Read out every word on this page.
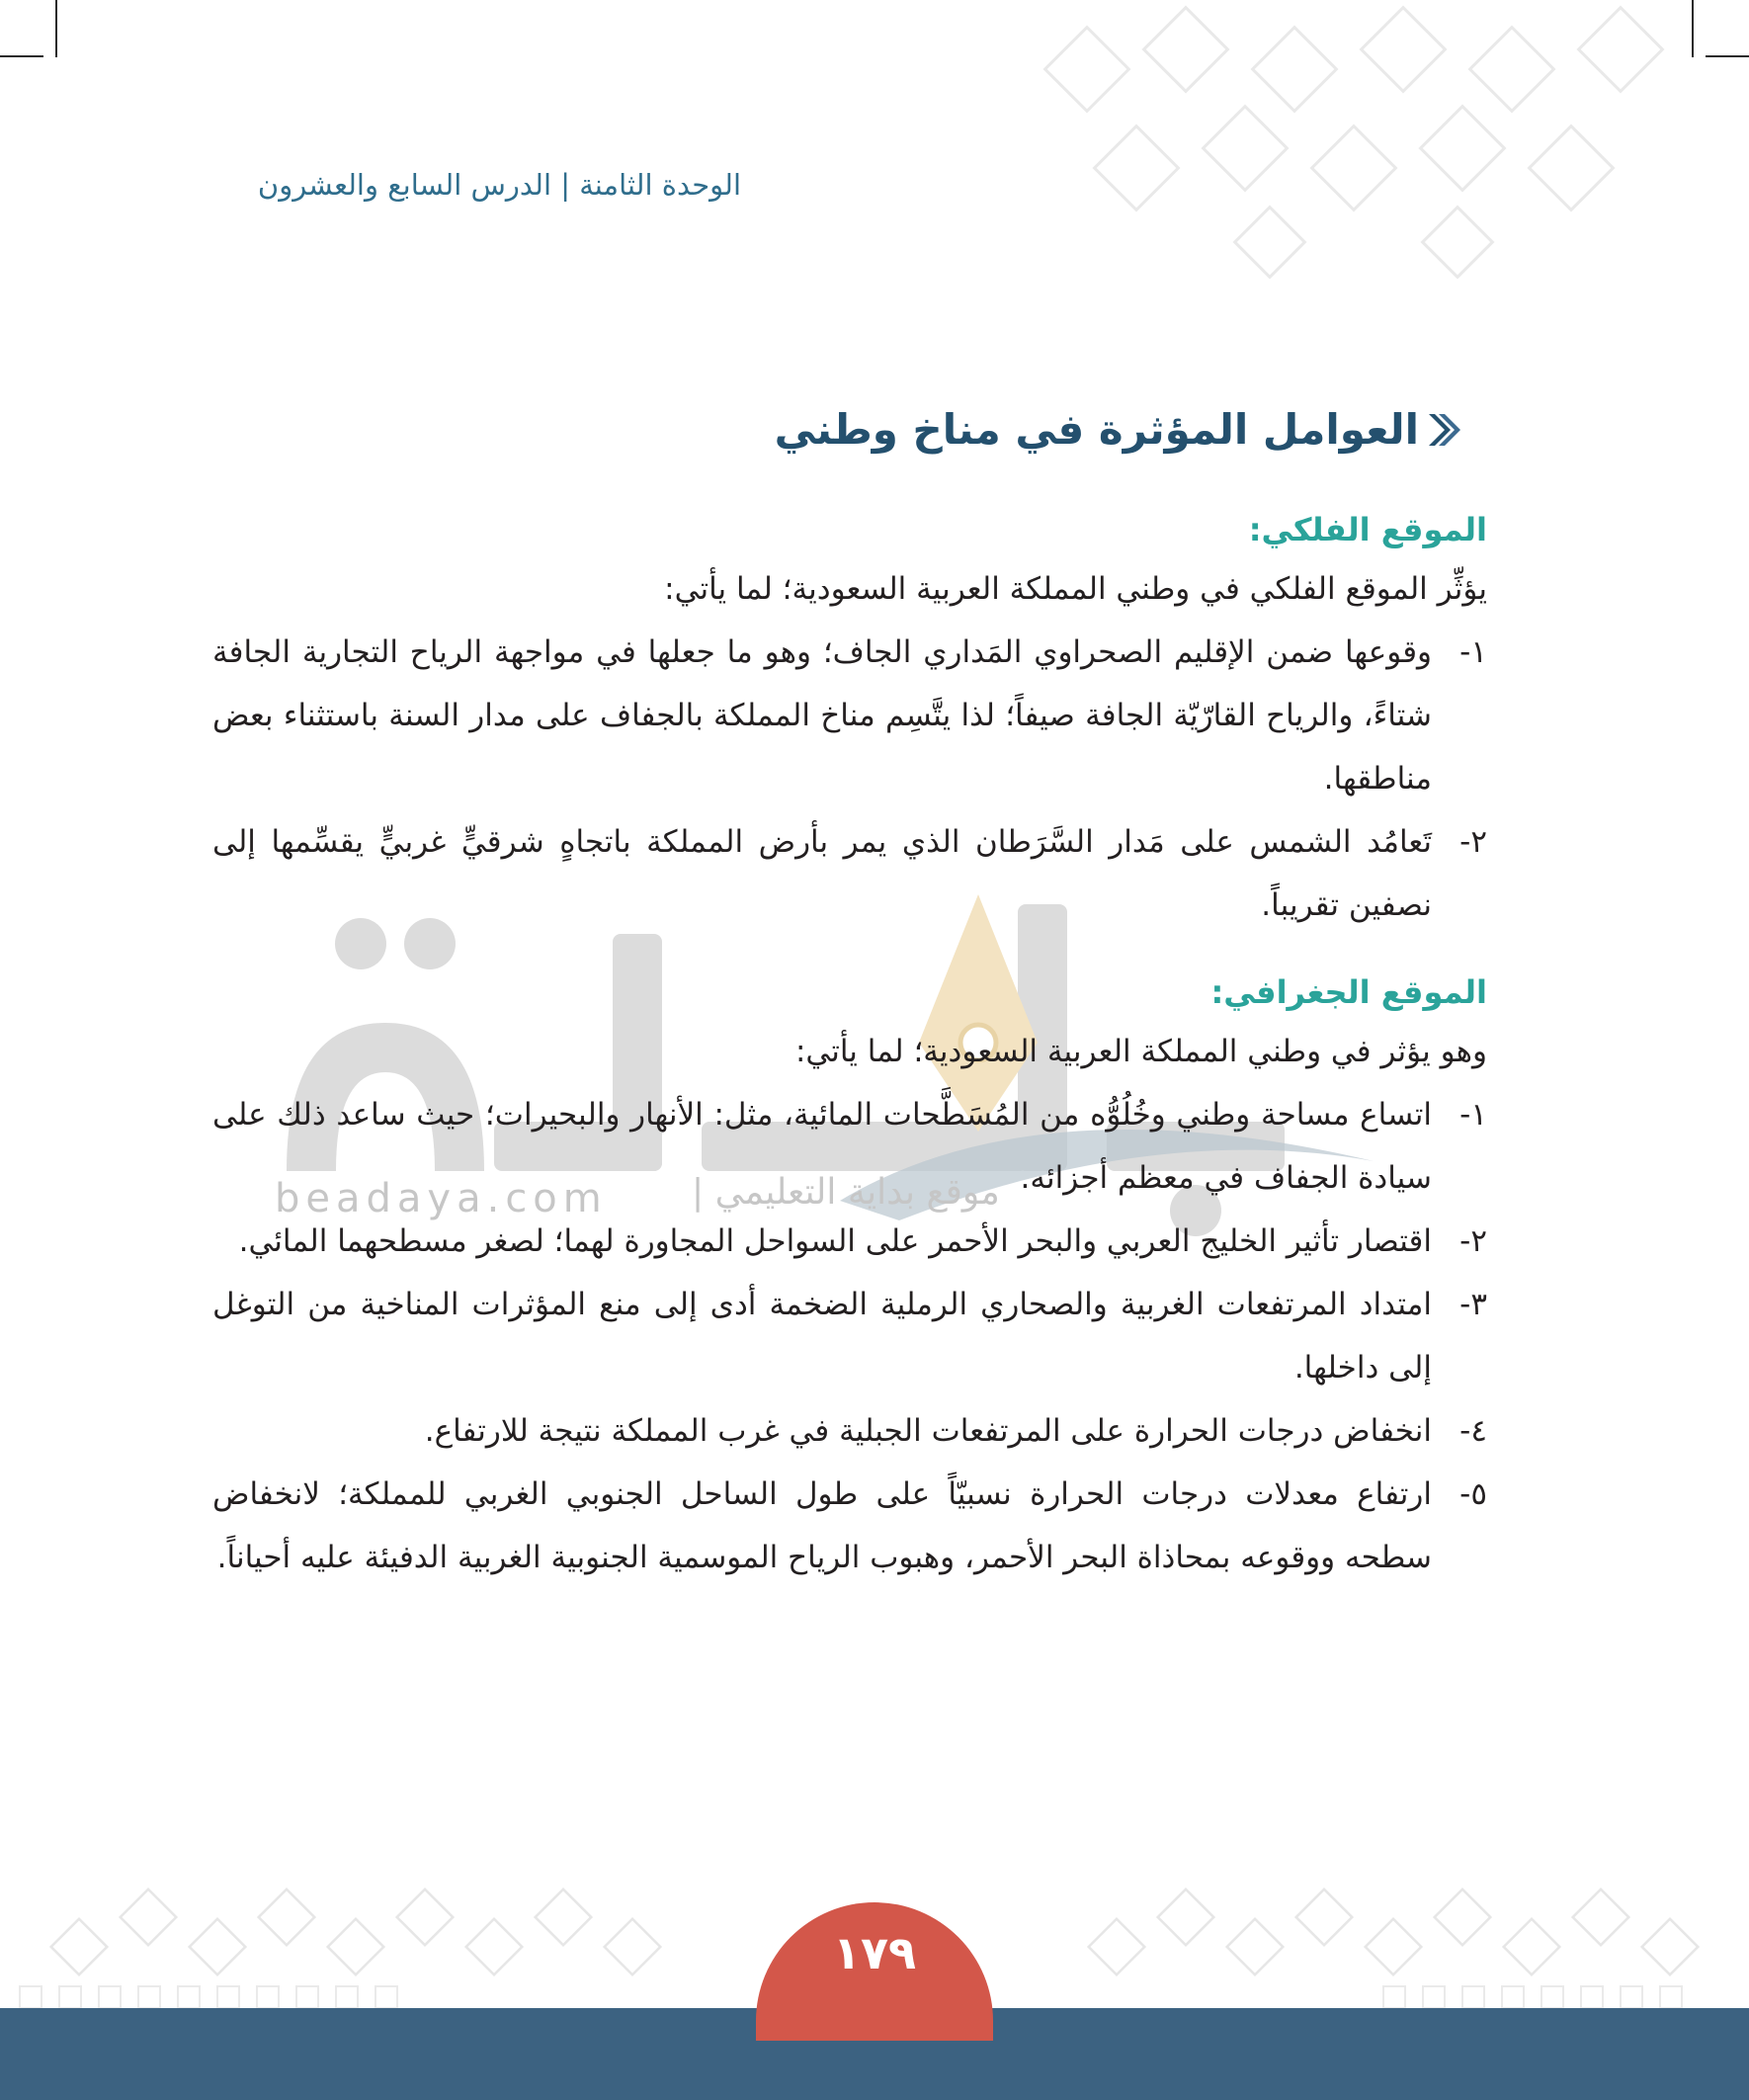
beadaya.com موقع بداية التعليمي |
الوحدة الثامنة | الدرس السابع والعشرون
العوامل المؤثرة في مناخ وطني
الموقع الفلكي:
يؤثِّر الموقع الفلكي في وطني المملكة العربية السعودية؛ لما يأتي:
١-
وقوعها ضمن الإقليم الصحراوي المَداري الجاف؛ وهو ما جعلها في مواجهة الرياح التجارية الجافة شتاءً، والرياح القارّيّة الجافة صيفاً؛ لذا يتَّسِم مناخ المملكة بالجفاف على مدار السنة باستثناء بعض مناطقها.
٢-
تَعامُد الشمس على مَدار السَّرَطان الذي يمر بأرض المملكة باتجاهٍ شرقيٍّ غربيٍّ يقسِّمها إلى نصفين تقريباً.
الموقع الجغرافي:
وهو يؤثر في وطني المملكة العربية السعودية؛ لما يأتي:
١-
اتساع مساحة وطني وخُلُوُّه من المُسَطَّحات المائية، مثل: الأنهار والبحيرات؛ حيث ساعد ذلك على سيادة الجفاف في معظم أجزائه.
٢-
اقتصار تأثير الخليج العربي والبحر الأحمر على السواحل المجاورة لهما؛ لصغر مسطحهما المائي.
٣-
امتداد المرتفعات الغربية والصحاري الرملية الضخمة أدى إلى منع المؤثرات المناخية من التوغل إلى داخلها.
٤-
انخفاض درجات الحرارة على المرتفعات الجبلية في غرب المملكة نتيجة للارتفاع.
٥-
ارتفاع معدلات درجات الحرارة نسبيّاً على طول الساحل الجنوبي الغربي للمملكة؛ لانخفاض سطحه ووقوعه بمحاذاة البحر الأحمر، وهبوب الرياح الموسمية الجنوبية الغربية الدفيئة عليه أحياناً.
١٧٩
